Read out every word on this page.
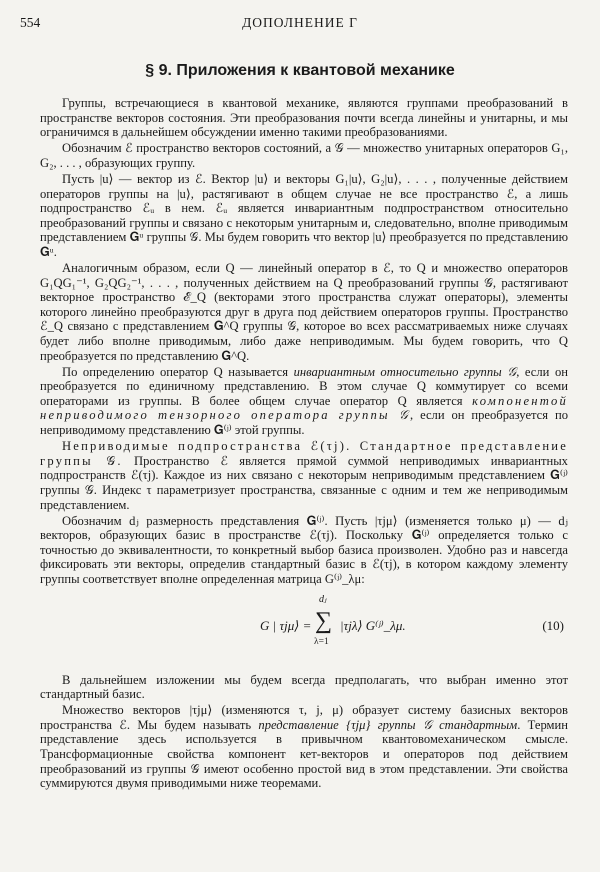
554	ДОПОЛНЕНИЕ Г
§ 9. Приложения к квантовой механике

Группы, встречающиеся в квантовой механике, являются группами преобразований в пространстве векторов состояния. Эти преобразования почти всегда линейны и унитарны, и мы ограничимся в дальнейшем обсуждении именно такими преобразованиями.

Обозначим ℰ пространство векторов состояний, а 𝒢 — множество унитарных операторов G₁, G₂, . . . , образующих группу.

Пусть |u⟩ — вектор из ℰ. Вектор |u⟩ и векторы G₁|u⟩, G₂|u⟩, . . . , полученные действием операторов группы на |u⟩, растягивают в общем случае не все пространство ℰ, а лишь подпространство ℰᵤ в нем. ℰᵤ является инвариантным подпространством относительно преобразований группы и связано с некоторым унитарным и, следовательно, вполне приводимым представлением 𝐆ᵘ группы 𝒢. Мы будем говорить что вектор |u⟩ преобразуется по представлению 𝐆ᵘ.

Аналогичным образом, если Q — линейный оператор в ℰ, то Q и множество операторов G₁QG₁⁻¹, G₂QG₂⁻¹, . . . , полученных действием на Q преобразований группы 𝒢, растягивают векторное пространство ℰ_Q (векторами этого пространства служат операторы), элементы которого линейно преобразуются друг в друга под действием операторов группы. Пространство ℰ_Q связано с представлением 𝐆^Q группы 𝒢, которое во всех рассматриваемых ниже случаях будет либо вполне приводимым, либо даже неприводимым. Мы будем говорить, что Q преобразуется по представлению 𝐆^Q.

По определению оператор Q называется инвариантным относительно группы 𝒢, если он преобразуется по единичному представлению. В этом случае Q коммутирует со всеми операторами из группы. В более общем случае оператор Q является компонентой неприводимого тензорного оператора группы 𝒢, если он преобразуется по неприводимому представлению 𝐆⁽ʲ⁾ этой группы.

Неприводимые подпространства ℰ(τj). Стандартное представление группы 𝒢. Пространство ℰ является прямой суммой неприводимых инвариантных подпространств ℰ(τj). Каждое из них связано с некоторым неприводимым представлением 𝐆⁽ʲ⁾ группы 𝒢. Индекс τ параметризует пространства, связанные с одним и тем же неприводимым представлением.

Обозначим dⱼ размерность представления 𝐆⁽ʲ⁾. Пусть |τjμ⟩ (изменяется только μ) — dⱼ векторов, образующих базис в пространстве ℰ(τj). Поскольку 𝐆⁽ʲ⁾ определяется только с точностью до эквивалентности, то конкретный выбор базиса произволен. Удобно раз и навсегда фиксировать эти векторы, определив стандартный базис в ℰ(τj), в котором каждому элементу группы соответствует вполне определенная матрица G⁽ʲ⁾_λμ:

G | τjμ⟩ =
dⱼ
∑
λ=1
|τjλ⟩ G⁽ʲ⁾_λμ.	(10)

В дальнейшем изложении мы будем всегда предполагать, что выбран именно этот стандартный базис.

Множество векторов |τjμ⟩ (изменяются τ, j, μ) образует систему базисных векторов пространства ℰ. Мы будем называть представление {τjμ} группы 𝒢 стандартным. Термин представление здесь используется в привычном квантовомеханическом смысле. Трансформационные свойства компонент кет-векторов и операторов под действием преобразований из группы 𝒢 имеют особенно простой вид в этом представлении. Эти свойства суммируются двумя приводимыми ниже теоремами.
